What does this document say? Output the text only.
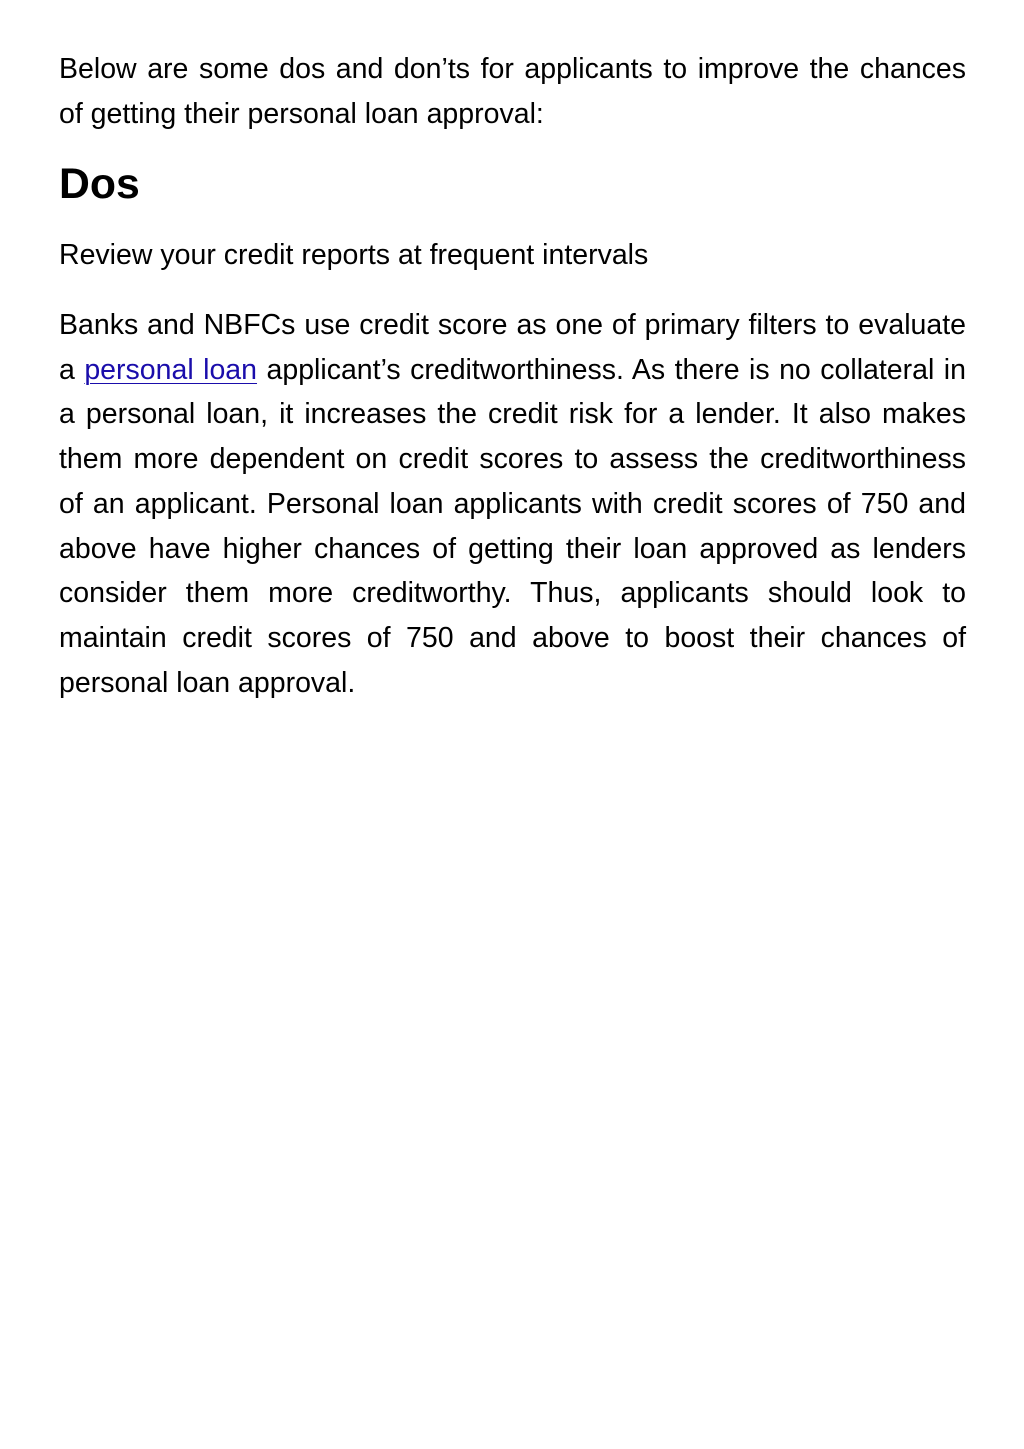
Below are some dos and don’ts for applicants to improve the chances of getting their personal loan approval:

Dos

Review your credit reports at frequent intervals

Banks and NBFCs use credit score as one of primary filters to evaluate a personal loan applicant’s creditworthiness. As there is no collateral in a personal loan, it increases the credit risk for a lender. It also makes them more dependent on credit scores to assess the creditworthiness of an applicant. Personal loan applicants with credit scores of 750 and above have higher chances of getting their loan approved as lenders consider them more creditworthy. Thus, applicants should look to maintain credit scores of 750 and above to boost their chances of personal loan approval.
